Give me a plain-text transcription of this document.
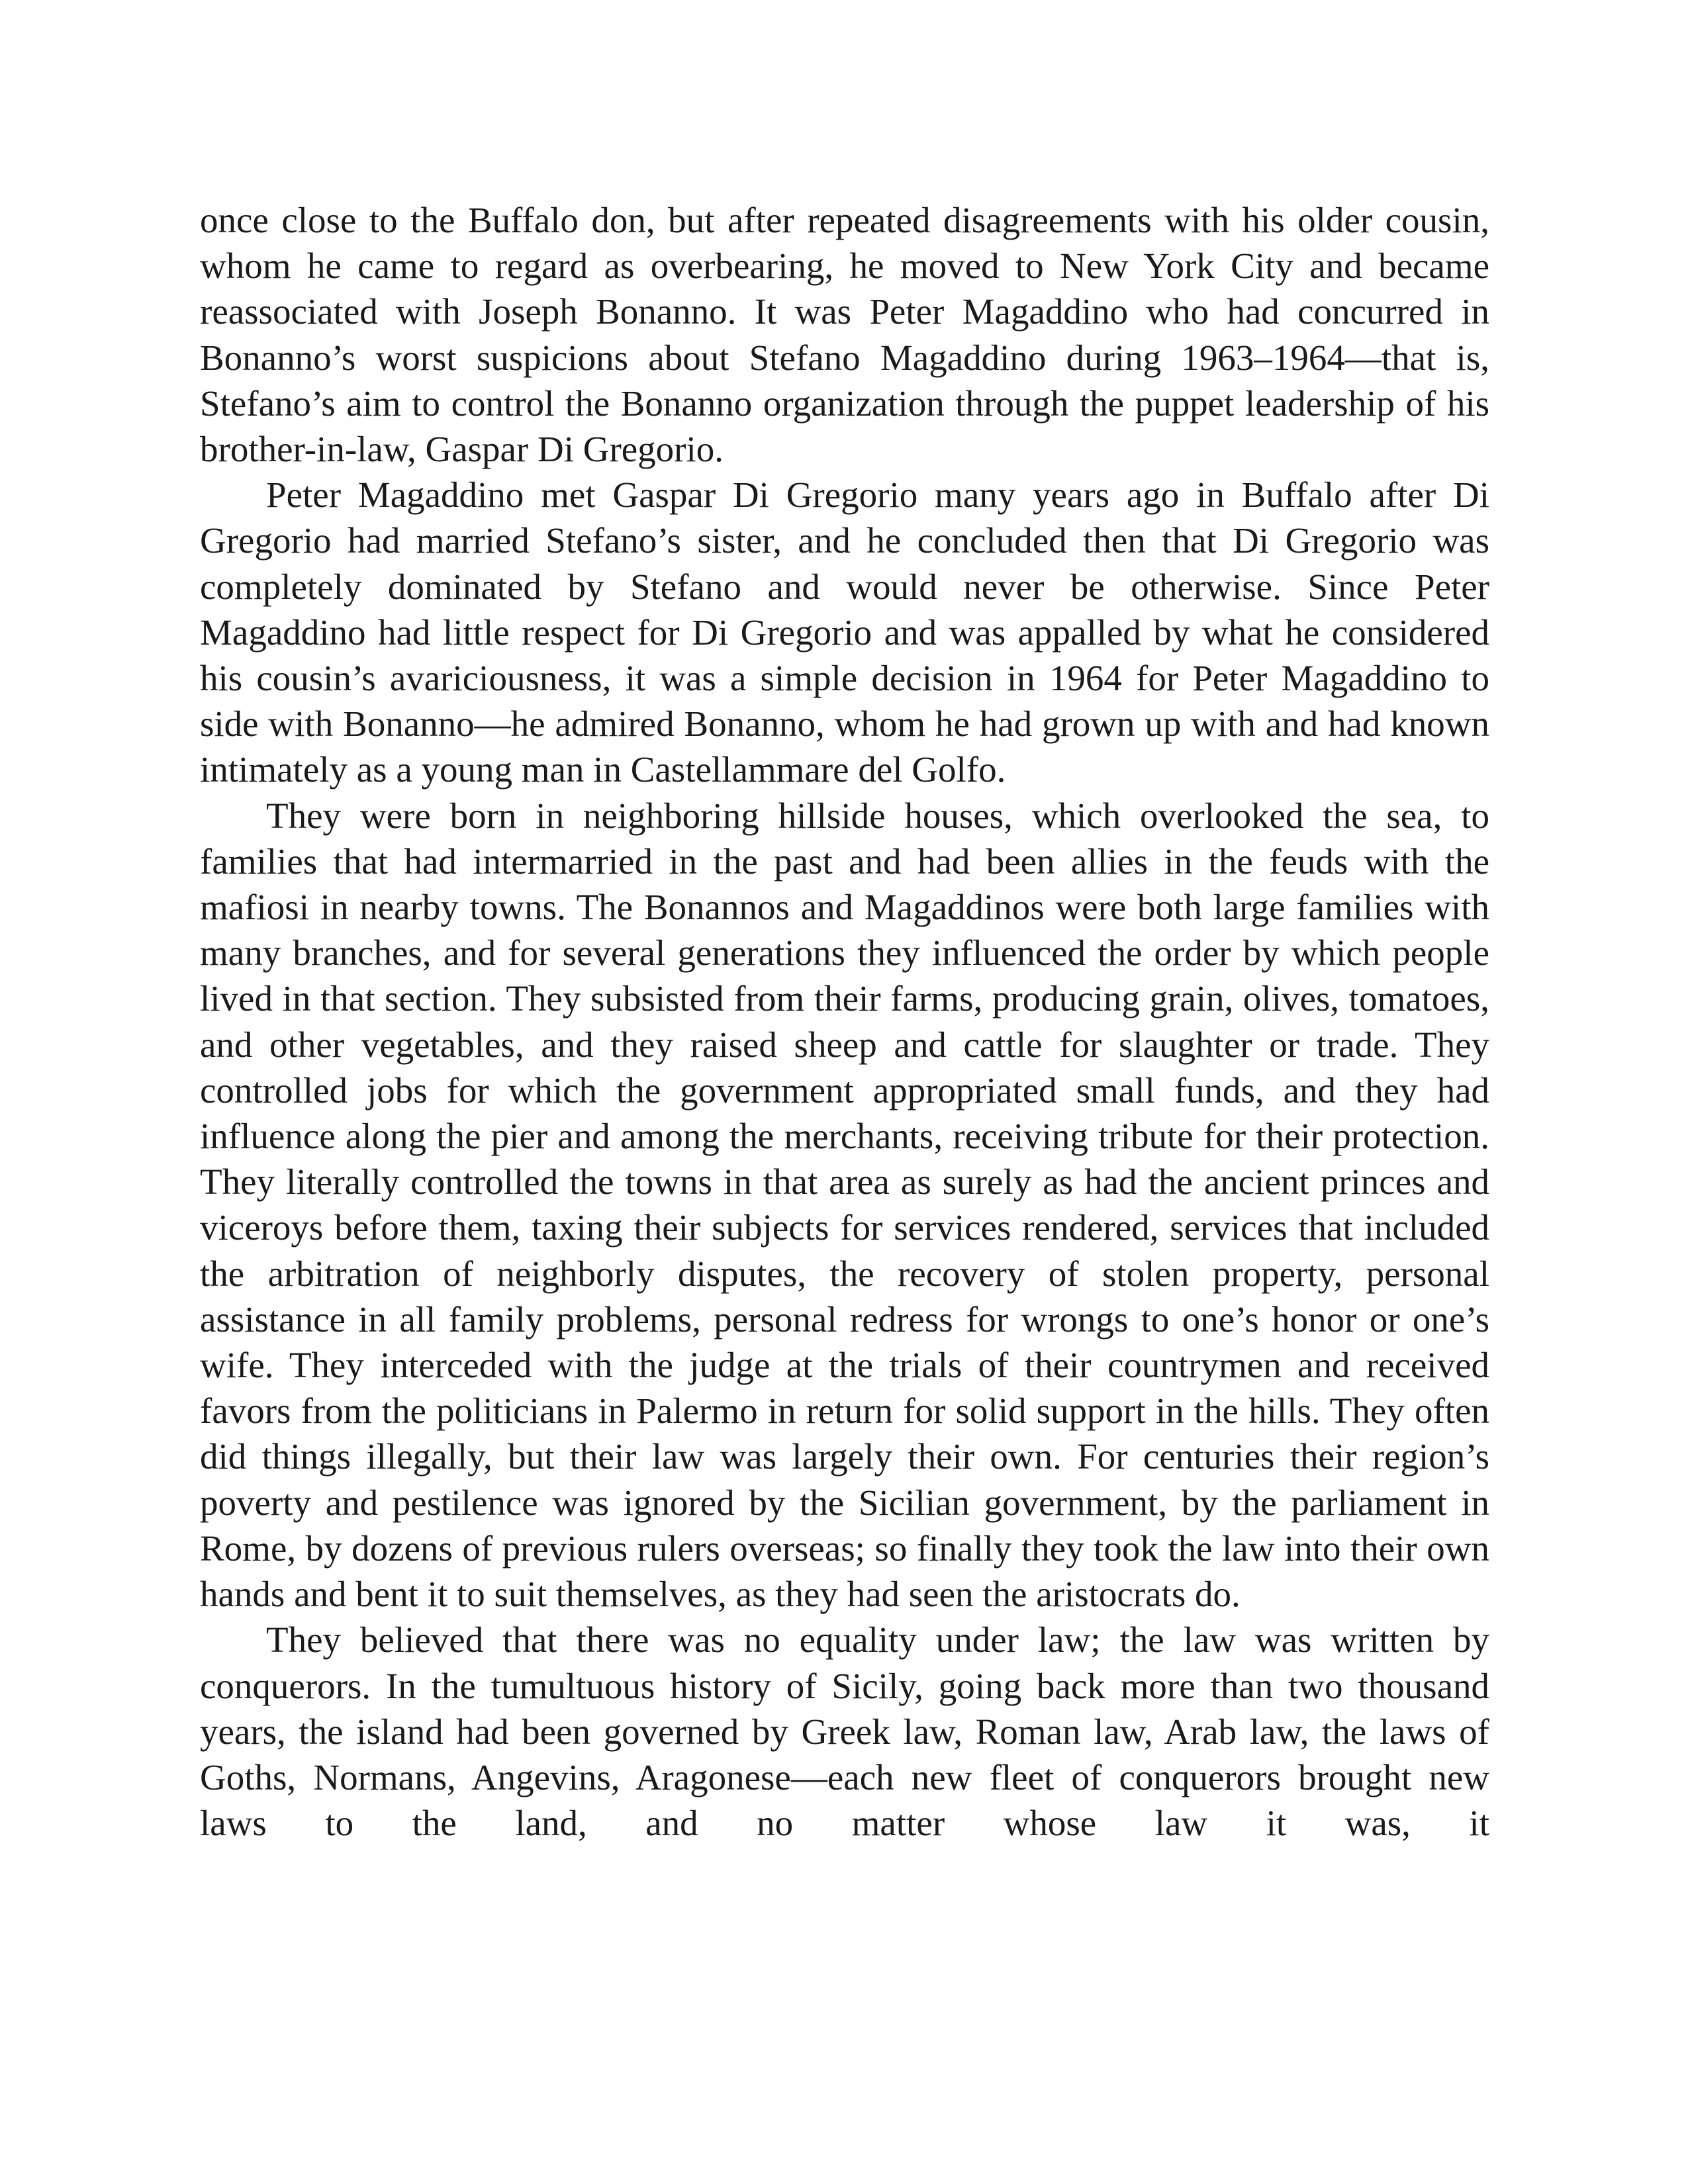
once close to the Buffalo don, but after repeated disagreements with his older cousin, whom he came to regard as overbearing, he moved to New York City and became reassociated with Joseph Bonanno. It was Peter Magaddino who had concurred in Bonanno’s worst suspicions about Stefano Magaddino during 1963–1964—that is, Stefano’s aim to control the Bonanno organization through the puppet leadership of his brother-in-law, Gaspar Di Gregorio.

Peter Magaddino met Gaspar Di Gregorio many years ago in Buffalo after Di Gregorio had married Stefano’s sister, and he concluded then that Di Gregorio was completely dominated by Stefano and would never be otherwise. Since Peter Magaddino had little respect for Di Gregorio and was appalled by what he considered his cousin’s avariciousness, it was a simple decision in 1964 for Peter Magaddino to side with Bonanno—he admired Bonanno, whom he had grown up with and had known intimately as a young man in Castellammare del Golfo.

They were born in neighboring hillside houses, which overlooked the sea, to families that had intermarried in the past and had been allies in the feuds with the mafiosi in nearby towns. The Bonannos and Magaddinos were both large families with many branches, and for several generations they influenced the order by which people lived in that section. They subsisted from their farms, producing grain, olives, tomatoes, and other vegetables, and they raised sheep and cattle for slaughter or trade. They controlled jobs for which the government appropriated small funds, and they had influence along the pier and among the merchants, receiving tribute for their protection. They literally controlled the towns in that area as surely as had the ancient princes and viceroys before them, taxing their subjects for services rendered, services that included the arbitration of neighborly disputes, the recovery of stolen property, personal assistance in all family problems, personal redress for wrongs to one’s honor or one’s wife. They interceded with the judge at the trials of their countrymen and received favors from the politicians in Palermo in return for solid support in the hills. They often did things illegally, but their law was largely their own. For centuries their region’s poverty and pestilence was ignored by the Sicilian government, by the parliament in Rome, by dozens of previous rulers overseas; so finally they took the law into their own hands and bent it to suit themselves, as they had seen the aristocrats do.

They believed that there was no equality under law; the law was written by conquerors. In the tumultuous history of Sicily, going back more than two thousand years, the island had been governed by Greek law, Roman law, Arab law, the laws of Goths, Normans, Angevins, Aragonese—each new fleet of conquerors brought new laws to the land, and no matter whose law it was, it
